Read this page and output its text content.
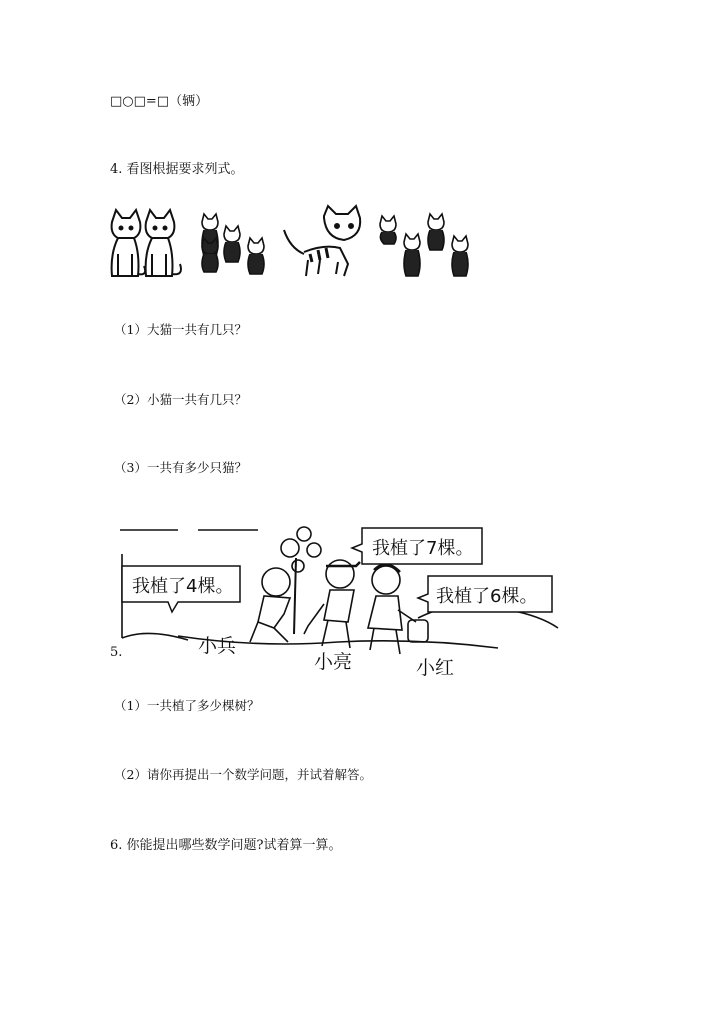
□○□=□（辆）
4. 看图根据要求列式。
（1）大猫一共有几只？
（2）小猫一共有几只？
（3）一共有多少只猫？
我植了4棵。
我植了7棵。
我植了6棵。
小兵
小亮	小红
5.
（1）一共植了多少棵树？
（2）请你再提出一个数学问题，并试着解答。
6. 你能提出哪些数学问题?试着算一算。
